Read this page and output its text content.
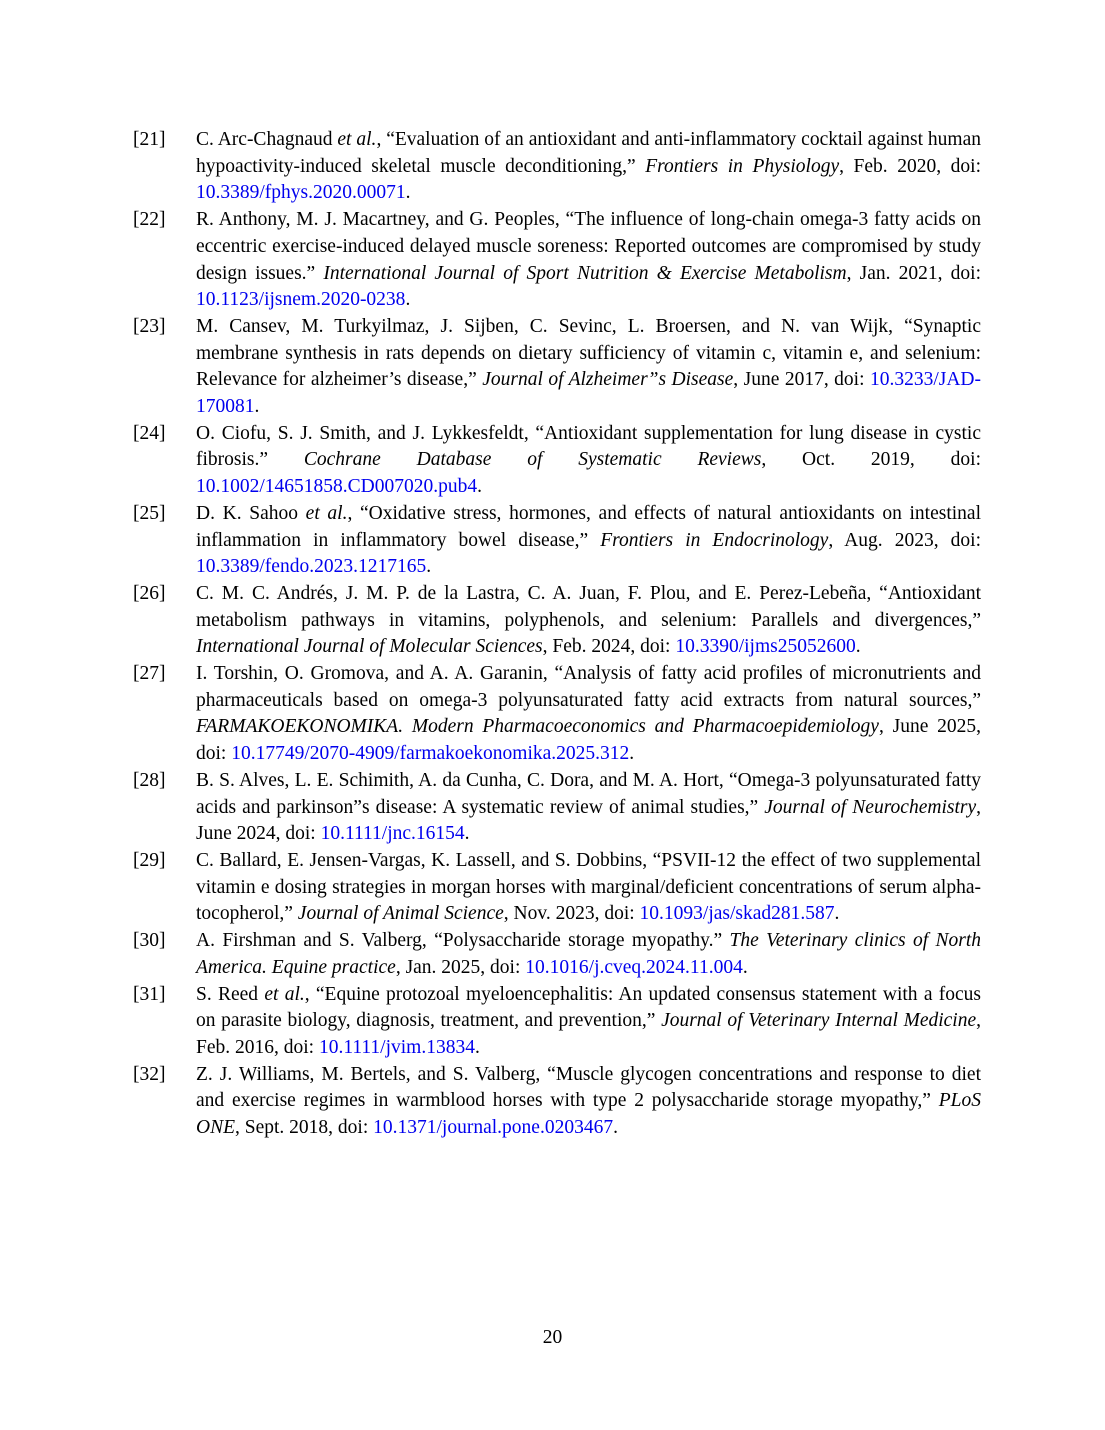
[21]	C. Arc-Chagnaud et al., “Evaluation of an antioxidant and anti-inflammatory cocktail against human hypoactivity-induced skeletal muscle deconditioning,” Frontiers in Physiology, Feb. 2020, doi: 10.3389/fphys.2020.00071.
[22]	R. Anthony, M. J. Macartney, and G. Peoples, “The influence of long-chain omega-3 fatty acids on eccentric exercise-induced delayed muscle soreness: Reported outcomes are compromised by study design issues.” International Journal of Sport Nutrition & Exercise Metabolism, Jan. 2021, doi: 10.1123/ijsnem.2020-0238.
[23]	M. Cansev, M. Turkyilmaz, J. Sijben, C. Sevinc, L. Broersen, and N. van Wijk, “Synaptic membrane synthesis in rats depends on dietary sufficiency of vitamin c, vitamin e, and selenium: Relevance for alzheimer’s disease,” Journal of Alzheimer”s Disease, June 2017, doi: 10.3233/JAD-170081.
[24]	O. Ciofu, S. J. Smith, and J. Lykkesfeldt, “Antioxidant supplementation for lung disease in cystic fibrosis.” Cochrane Database of Systematic Reviews, Oct. 2019, doi: 10.1002/14651858.CD007020.pub4.
[25]	D. K. Sahoo et al., “Oxidative stress, hormones, and effects of natural antioxidants on intestinal inflammation in inflammatory bowel disease,” Frontiers in Endocrinology, Aug. 2023, doi: 10.3389/fendo.2023.1217165.
[26]	C. M. C. Andrés, J. M. P. de la Lastra, C. A. Juan, F. Plou, and E. Perez-Lebeña, “Antioxidant metabolism pathways in vitamins, polyphenols, and selenium: Parallels and divergences,” International Journal of Molecular Sciences, Feb. 2024, doi: 10.3390/ijms25052600.
[27]	I. Torshin, O. Gromova, and A. A. Garanin, “Analysis of fatty acid profiles of micronutrients and pharmaceuticals based on omega-3 polyunsaturated fatty acid extracts from natural sources,” FARMAKOEKONOMIKA. Modern Pharmacoeconomics and Pharmacoepidemiology, June 2025, doi: 10.17749/2070-4909/farmakoekonomika.2025.312.
[28]	B. S. Alves, L. E. Schimith, A. da Cunha, C. Dora, and M. A. Hort, “Omega-3 polyunsaturated fatty acids and parkinson”s disease: A systematic review of animal studies,” Journal of Neurochemistry, June 2024, doi: 10.1111/jnc.16154.
[29]	C. Ballard, E. Jensen-Vargas, K. Lassell, and S. Dobbins, “PSVII-12 the effect of two supplemental vitamin e dosing strategies in morgan horses with marginal/deficient concentrations of serum alpha-tocopherol,” Journal of Animal Science, Nov. 2023, doi: 10.1093/jas/skad281.587.
[30]	A. Firshman and S. Valberg, “Polysaccharide storage myopathy.” The Veterinary clinics of North America. Equine practice, Jan. 2025, doi: 10.1016/j.cveq.2024.11.004.
[31]	S. Reed et al., “Equine protozoal myeloencephalitis: An updated consensus statement with a focus on parasite biology, diagnosis, treatment, and prevention,” Journal of Veterinary Internal Medicine, Feb. 2016, doi: 10.1111/jvim.13834.
[32]	Z. J. Williams, M. Bertels, and S. Valberg, “Muscle glycogen concentrations and response to diet and exercise regimes in warmblood horses with type 2 polysaccharide storage myopathy,” PLoS ONE, Sept. 2018, doi: 10.1371/journal.pone.0203467.
20
